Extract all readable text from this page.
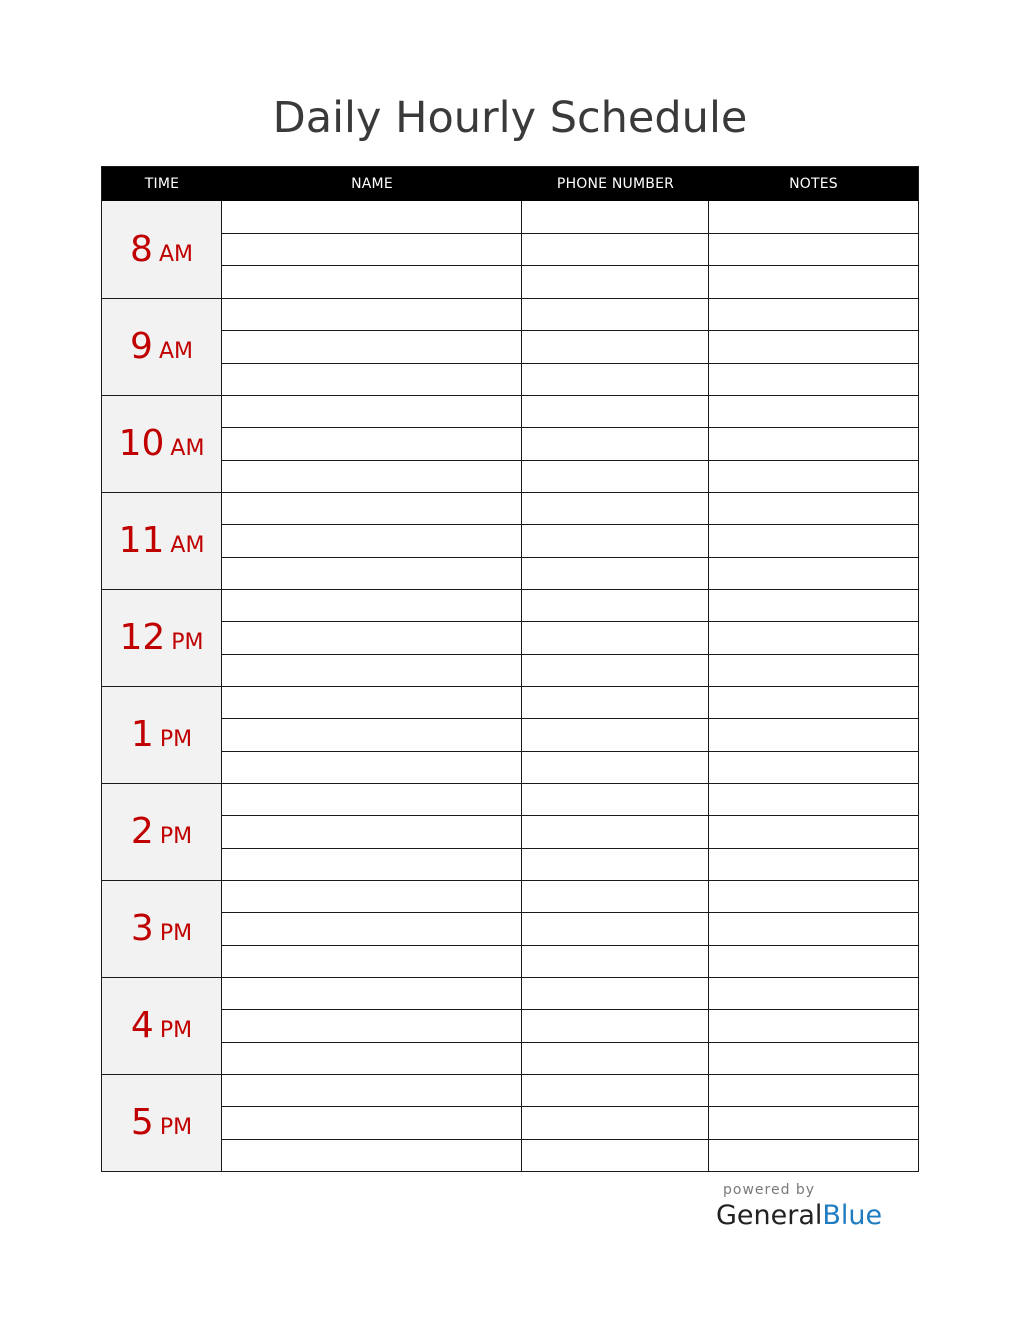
Daily Hourly Schedule
TIME	NAME	PHONE NUMBER	NOTES
8 AM
9 AM
10 AM
11 AM
12 PM
1 PM
2 PM
3 PM
4 PM
5 PM
powered by
GeneralBlue
